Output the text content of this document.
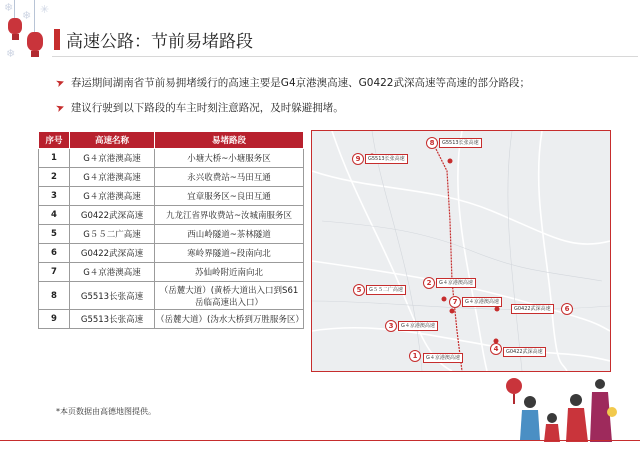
❄
❄ ✳
❄
高速公路：节前易堵路段
➤ 春运期间湖南省节前易拥堵缓行的高速主要是G4京港澳高速、G0422武深高速等高速的部分路段；
➤ 建议行驶到以下路段的车主时刻注意路况，及时躲避拥堵。
序号	高速名称	易堵路段
1	G４京港澳高速	小塘大桥~小塘服务区
2	G４京港澳高速	永兴收费站~马田互通
3	G４京港澳高速	宜章服务区~良田互通
4	G0422武深高速	九龙江省界收费站~汝城南服务区
5	G５５二广高速	西山岭隧道~茶林隧道
6	G0422武深高速	寒岭界隧道~段南向北
7	G４京港澳高速	苏仙岭附近南向北
8	G5513长张高速	（岳麓大道）(黄桥大道出入口到S61岳临高速出入口）
9	G5513长张高速	（岳麓大道）(沩水大桥到万胜服务区）
8	G5513长张高速
9	G5513长张高速
2	G４京港澳高速
5	G５５二广高速
7	G４京港澳高速
6
G0422武深高速
3	G４京港澳高速
4	G0422武深高速
1	G４京港澳高速
*本页数据由高德地图提供。
